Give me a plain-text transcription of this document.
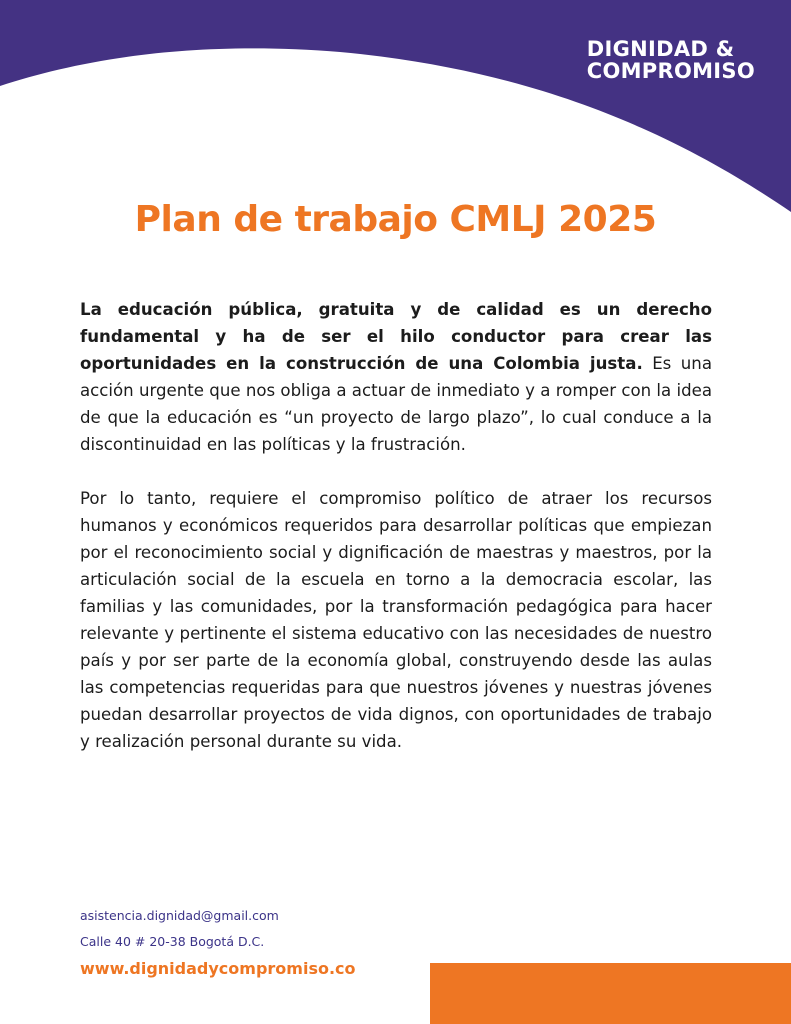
DIGNIDAD &
COMPROMISO
Plan de trabajo CMLJ 2025

La educación pública, gratuita y de calidad es un derecho fundamental y ha de ser el hilo conductor para crear las oportunidades en la construcción de una Colombia justa. Es una acción urgente que nos obliga a actuar de inmediato y a romper con la idea de que la educación es “un proyecto de largo plazo”, lo cual conduce a la discontinuidad en las políticas y la frustración.

Por lo tanto, requiere el compromiso político de atraer los recursos humanos y económicos requeridos para desarrollar políticas que empiezan por el reconocimiento social y dignificación de maestras y maestros, por la articulación social de la escuela en torno a la democracia escolar, las familias y las comunidades, por la transformación pedagógica para hacer relevante y pertinente el sistema educativo con las necesidades de nuestro país y por ser parte de la economía global, construyendo desde las aulas las competencias requeridas para que nuestros jóvenes y nuestras jóvenes puedan desarrollar proyectos de vida dignos, con oportunidades de trabajo y realización personal durante su vida.

asistencia.dignidad@gmail.com
Calle 40 # 20-38 Bogotá D.C.
www.dignidadycompromiso.co
